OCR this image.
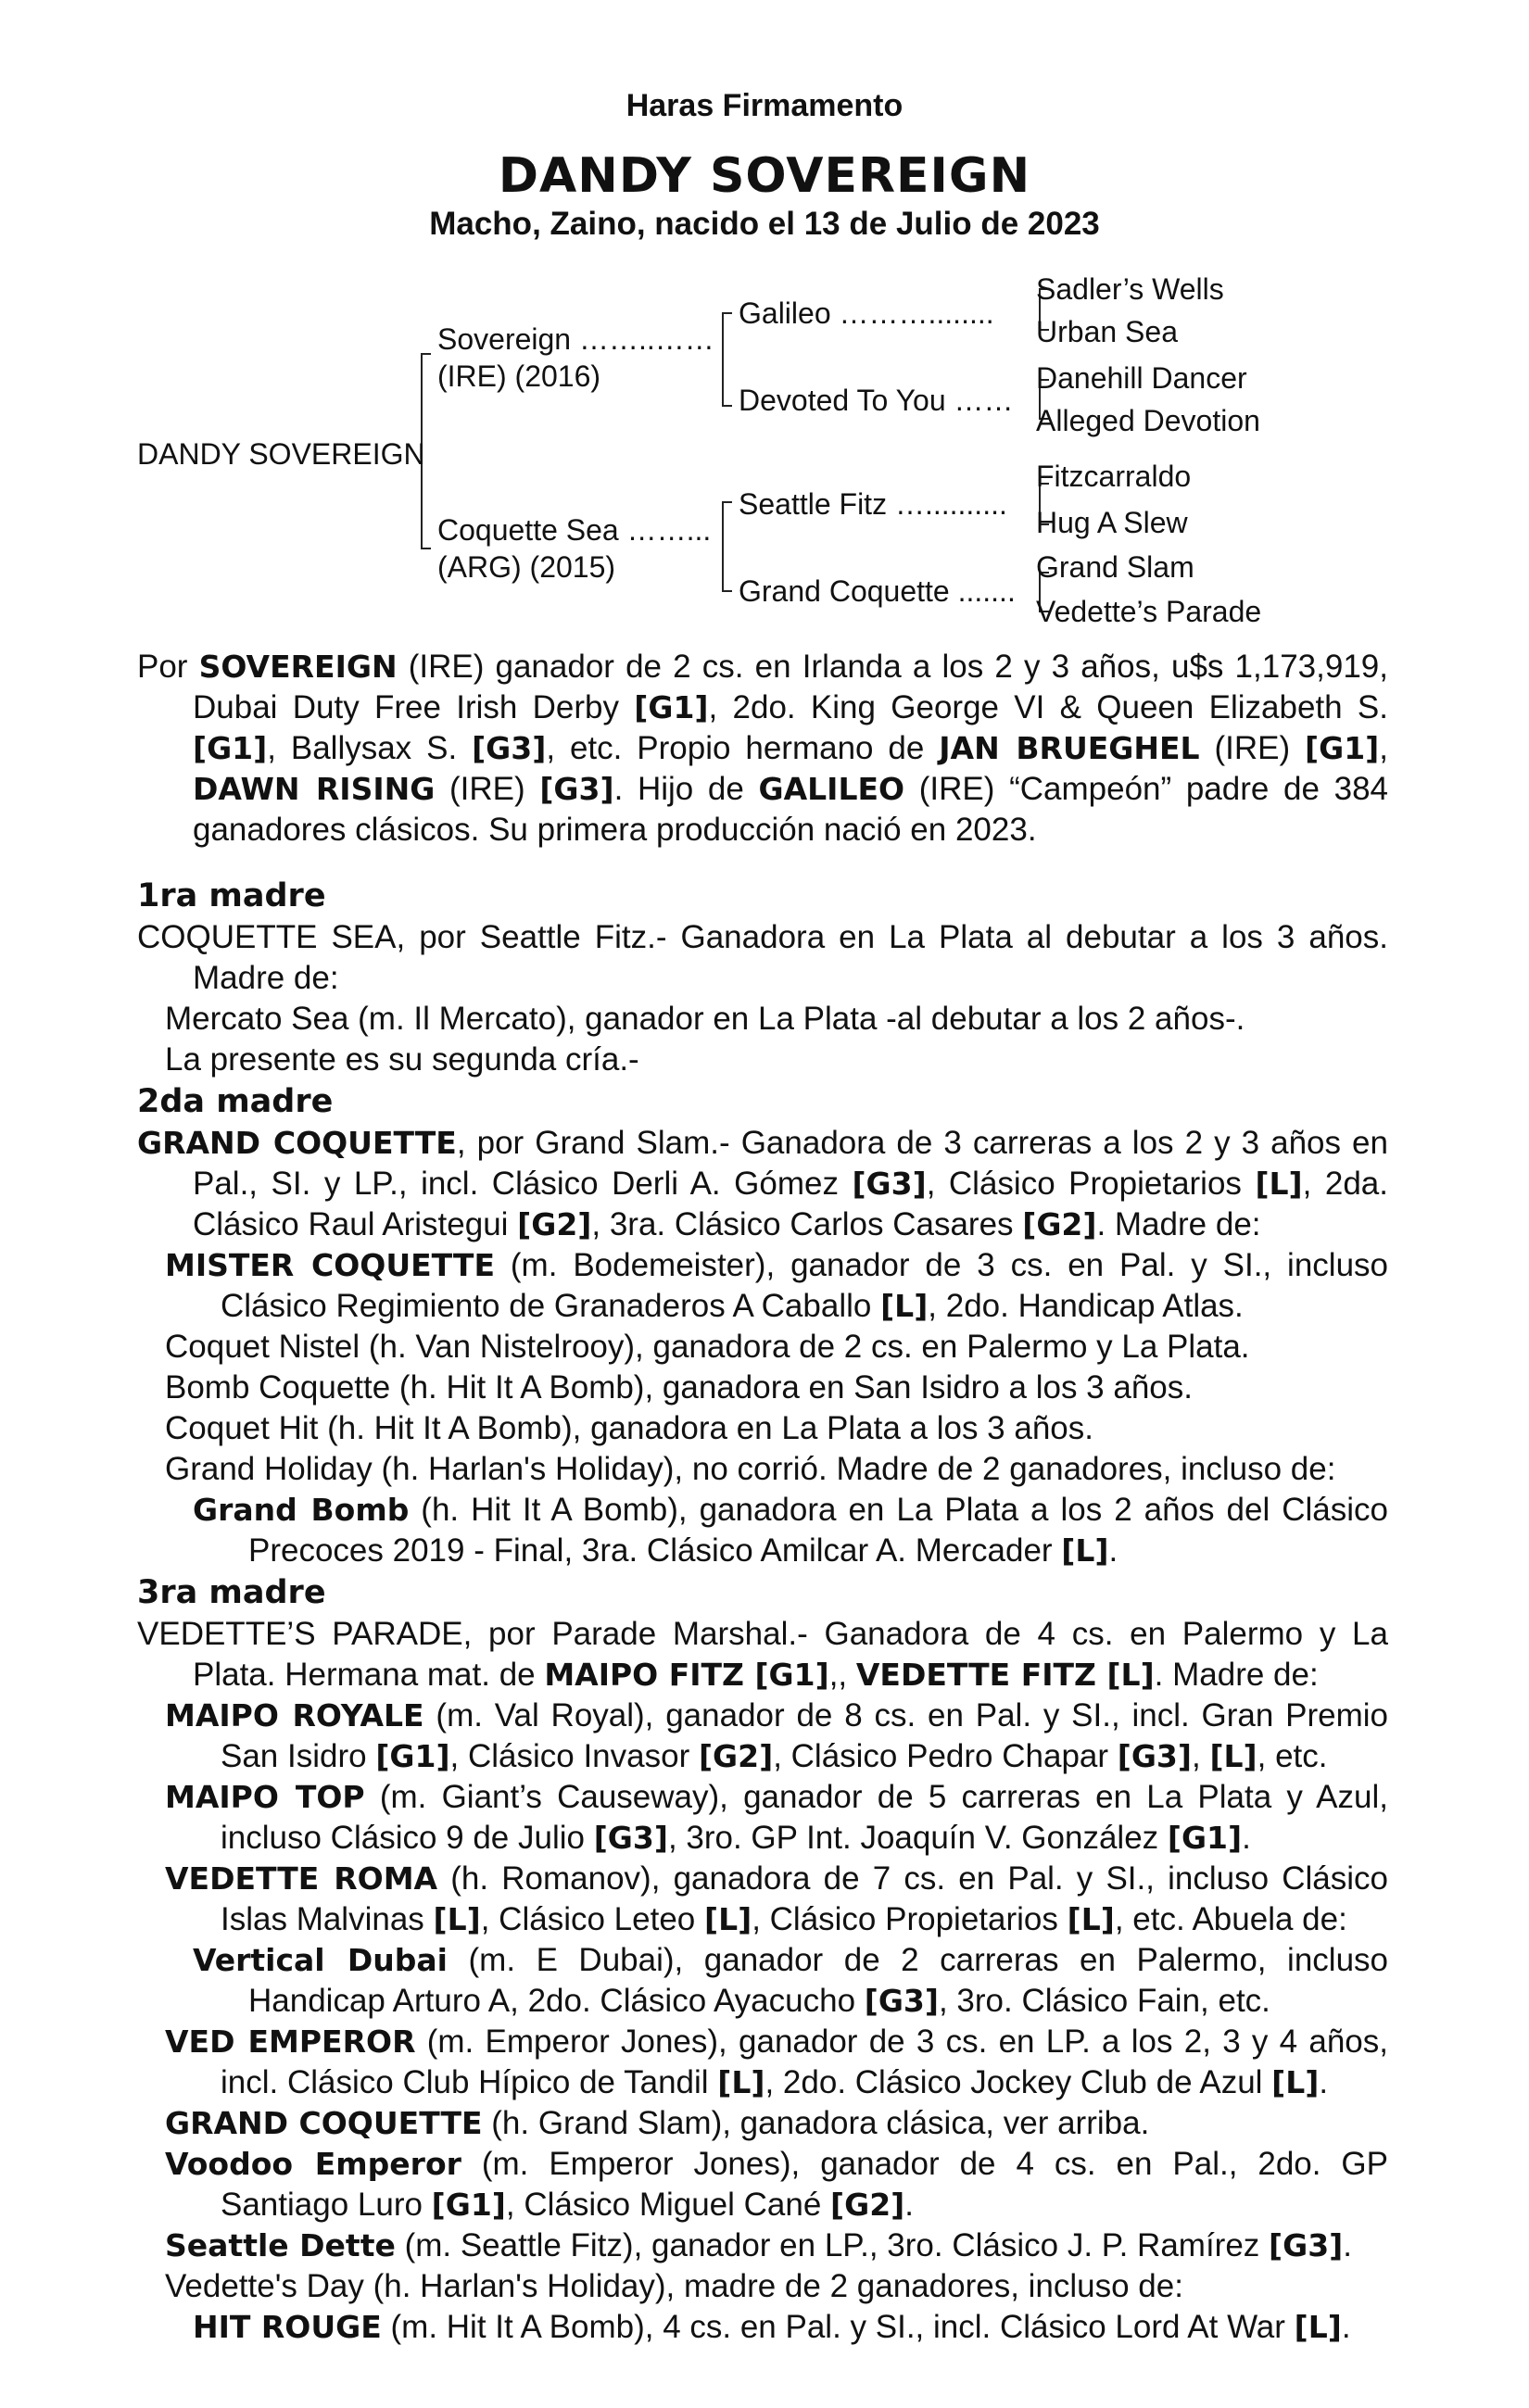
Haras Firmamento
DANDY SOVEREIGN
Macho, Zaino, nacido el 13 de Julio de 2023
DANDY SOVEREIGN
Sovereign ……..……
(IRE) (2016)
Coquette Sea ……...
(ARG) (2015)
Galileo ………........
Devoted To You ……
Seattle Fitz …..........
Grand Coquette .......
Sadler’s Wells
Urban Sea
Danehill Dancer
Alleged Devotion
Fitzcarraldo
Hug A Slew
Grand Slam
Vedette’s Parade
Por SOVEREIGN (IRE) ganador de 2 cs. en Irlanda a los 2 y 3 años, u$s 1,173,919, Dubai Duty Free Irish Derby [G1], 2do. King George VI & Queen Elizabeth S. [G1], Ballysax S. [G3], etc. Propio hermano de JAN BRUEGHEL (IRE) [G1], DAWN RISING (IRE) [G3]. Hijo de GALILEO (IRE) “Campeón” padre de 384 ganadores clásicos. Su primera producción nació en 2023.
1ra madre
COQUETTE SEA, por Seattle Fitz.- Ganadora en La Plata al debutar a los 3 años. Madre de:
Mercato Sea (m. Il Mercato), ganador en La Plata -al debutar a los 2 años-.
La presente es su segunda cría.-
2da madre
GRAND COQUETTE, por Grand Slam.- Ganadora de 3 carreras a los 2 y 3 años en Pal., SI. y LP., incl. Clásico Derli A. Gómez [G3], Clásico Propietarios [L], 2da. Clásico Raul Aristegui [G2], 3ra. Clásico Carlos Casares [G2]. Madre de:
MISTER COQUETTE (m. Bodemeister), ganador de 3 cs. en Pal. y SI., incluso Clásico Regimiento de Granaderos A Caballo [L], 2do. Handicap Atlas.
Coquet Nistel (h. Van Nistelrooy), ganadora de 2 cs. en Palermo y La Plata.
Bomb Coquette (h. Hit It A Bomb), ganadora en San Isidro a los 3 años.
Coquet Hit (h. Hit It A Bomb), ganadora en La Plata a los 3 años.
Grand Holiday (h. Harlan's Holiday), no corrió. Madre de 2 ganadores, incluso de:
Grand Bomb (h. Hit It A Bomb), ganadora en La Plata a los 2 años del Clásico Precoces 2019 - Final, 3ra. Clásico Amilcar A. Mercader [L].
3ra madre
VEDETTE’S PARADE, por Parade Marshal.- Ganadora de 4 cs. en Palermo y La Plata. Hermana mat. de MAIPO FITZ [G1],, VEDETTE FITZ [L]. Madre de:
MAIPO ROYALE (m. Val Royal), ganador de 8 cs. en Pal. y SI., incl. Gran Premio San Isidro [G1], Clásico Invasor [G2], Clásico Pedro Chapar [G3], [L], etc.
MAIPO TOP (m. Giant’s Causeway), ganador de 5 carreras en La Plata y Azul, incluso Clásico 9 de Julio [G3], 3ro. GP Int. Joaquín V. González [G1].
VEDETTE ROMA (h. Romanov), ganadora de 7 cs. en Pal. y SI., incluso Clásico Islas Malvinas [L], Clásico Leteo [L], Clásico Propietarios [L], etc. Abuela de:
Vertical Dubai (m. E Dubai), ganador de 2 carreras en Palermo, incluso Handicap Arturo A, 2do. Clásico Ayacucho [G3], 3ro. Clásico Fain, etc.
VED EMPEROR (m. Emperor Jones), ganador de 3 cs. en LP. a los 2, 3 y 4 años, incl. Clásico Club Hípico de Tandil [L], 2do. Clásico Jockey Club de Azul [L].
GRAND COQUETTE (h. Grand Slam), ganadora clásica, ver arriba.
Voodoo Emperor (m. Emperor Jones), ganador de 4 cs. en Pal., 2do. GP Santiago Luro [G1], Clásico Miguel Cané [G2].
Seattle Dette (m. Seattle Fitz), ganador en LP., 3ro. Clásico J. P. Ramírez [G3].
Vedette's Day (h. Harlan's Holiday), madre de 2 ganadores, incluso de:
HIT ROUGE (m. Hit It A Bomb), 4 cs. en Pal. y SI., incl. Clásico Lord At War [L].
